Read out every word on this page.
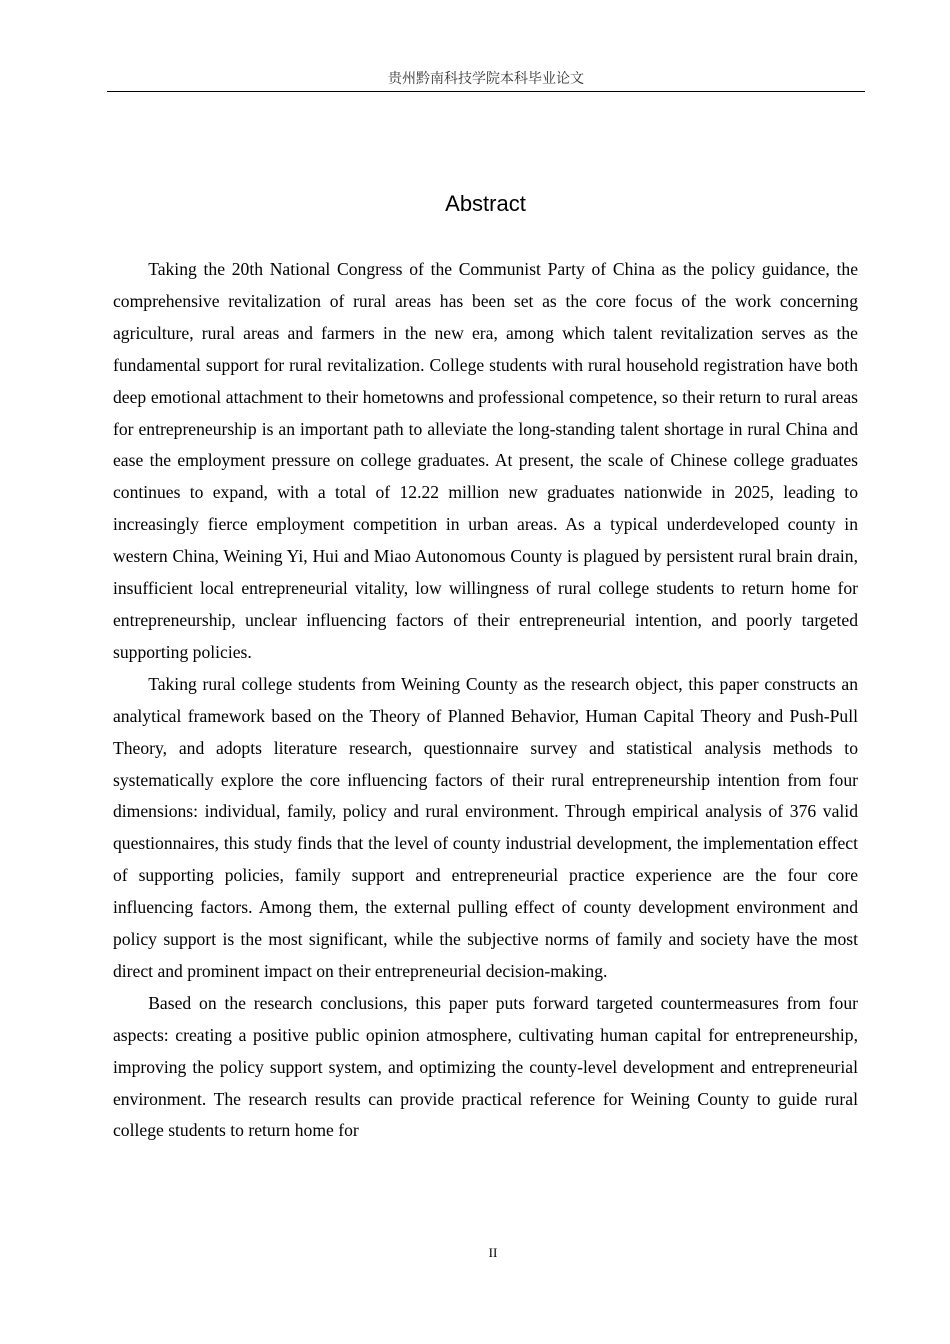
贵州黔南科技学院本科毕业论文
Abstract

Taking the 20th National Congress of the Communist Party of China as the policy guidance, the comprehensive revitalization of rural areas has been set as the core focus of the work concerning agriculture, rural areas and farmers in the new era, among which talent revitalization serves as the fundamental support for rural revitalization. College students with rural household registration have both deep emotional attachment to their hometowns and professional competence, so their return to rural areas for entrepreneurship is an important path to alleviate the long-standing talent shortage in rural China and ease the employment pressure on college graduates. At present, the scale of Chinese college graduates continues to expand, with a total of 12.22 million new graduates nationwide in 2025, leading to increasingly fierce employment competition in urban areas. As a typical underdeveloped county in western China, Weining Yi, Hui and Miao Autonomous County is plagued by persistent rural brain drain, insufficient local entrepreneurial vitality, low willingness of rural college students to return home for entrepreneurship, unclear influencing factors of their entrepreneurial intention, and poorly targeted supporting policies.

Taking rural college students from Weining County as the research object, this paper constructs an analytical framework based on the Theory of Planned Behavior, Human Capital Theory and Push-Pull Theory, and adopts literature research, questionnaire survey and statistical analysis methods to systematically explore the core influencing factors of their rural entrepreneurship intention from four dimensions: individual, family, policy and rural environment. Through empirical analysis of 376 valid questionnaires, this study finds that the level of county industrial development, the implementation effect of supporting policies, family support and entrepreneurial practice experience are the four core influencing factors. Among them, the external pulling effect of county development environment and policy support is the most significant, while the subjective norms of family and society have the most direct and prominent impact on their entrepreneurial decision-making.

Based on the research conclusions, this paper puts forward targeted countermeasures from four aspects: creating a positive public opinion atmosphere, cultivating human capital for entrepreneurship, improving the policy support system, and optimizing the county-level development and entrepreneurial environment. The research results can provide practical reference for Weining County to guide rural college students to return home for

II
